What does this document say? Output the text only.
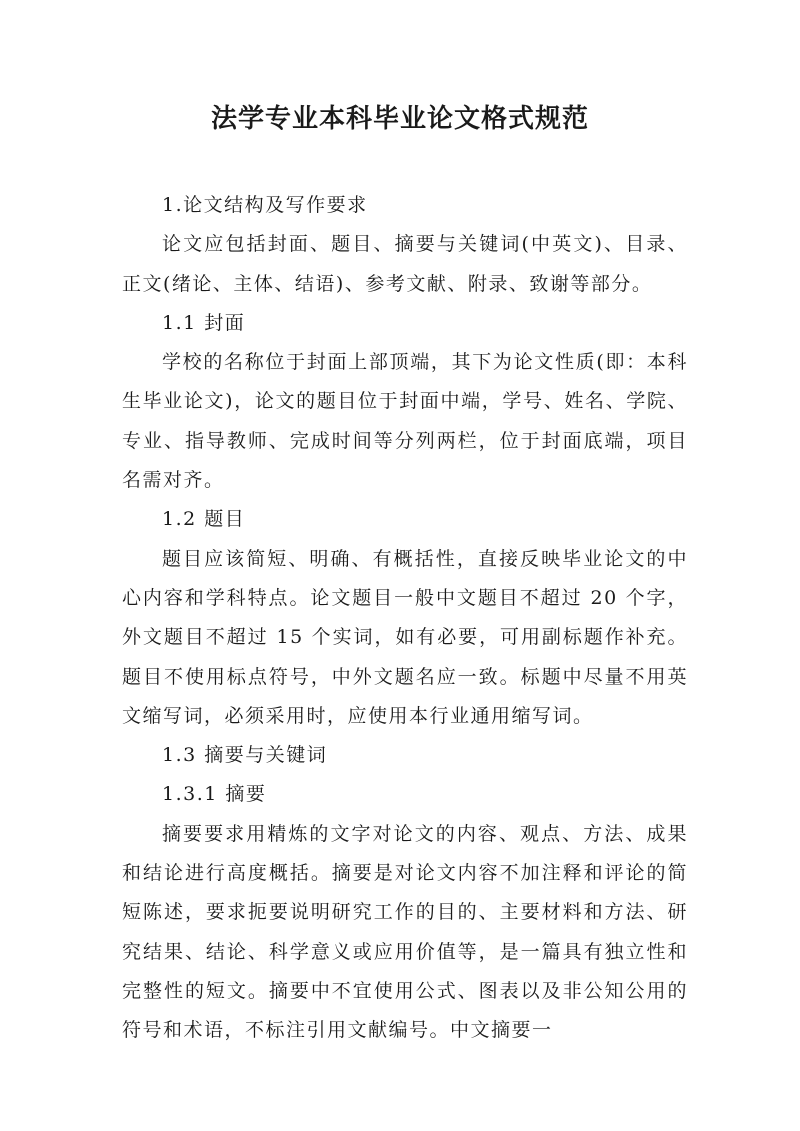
法学专业本科毕业论文格式规范

1.论文结构及写作要求

论文应包括封面、题目、摘要与关键词(中英文)、目录、正文(绪论、主体、结语)、参考文献、附录、致谢等部分。

1.1 封面

学校的名称位于封面上部顶端，其下为论文性质(即：本科生毕业论文)，论文的题目位于封面中端，学号、姓名、学院、专业、指导教师、完成时间等分列两栏，位于封面底端，项目名需对齐。

1.2 题目

题目应该简短、明确、有概括性，直接反映毕业论文的中心内容和学科特点。论文题目一般中文题目不超过 20 个字，外文题目不超过 15 个实词，如有必要，可用副标题作补充。题目不使用标点符号，中外文题名应一致。标题中尽量不用英文缩写词，必须采用时，应使用本行业通用缩写词。

1.3 摘要与关键词

1.3.1 摘要

摘要要求用精炼的文字对论文的内容、观点、方法、成果和结论进行高度概括。摘要是对论文内容不加注释和评论的简短陈述，要求扼要说明研究工作的目的、主要材料和方法、研究结果、结论、科学意义或应用价值等，是一篇具有独立性和完整性的短文。摘要中不宜使用公式、图表以及非公知公用的符号和术语，不标注引用文献编号。中文摘要一
